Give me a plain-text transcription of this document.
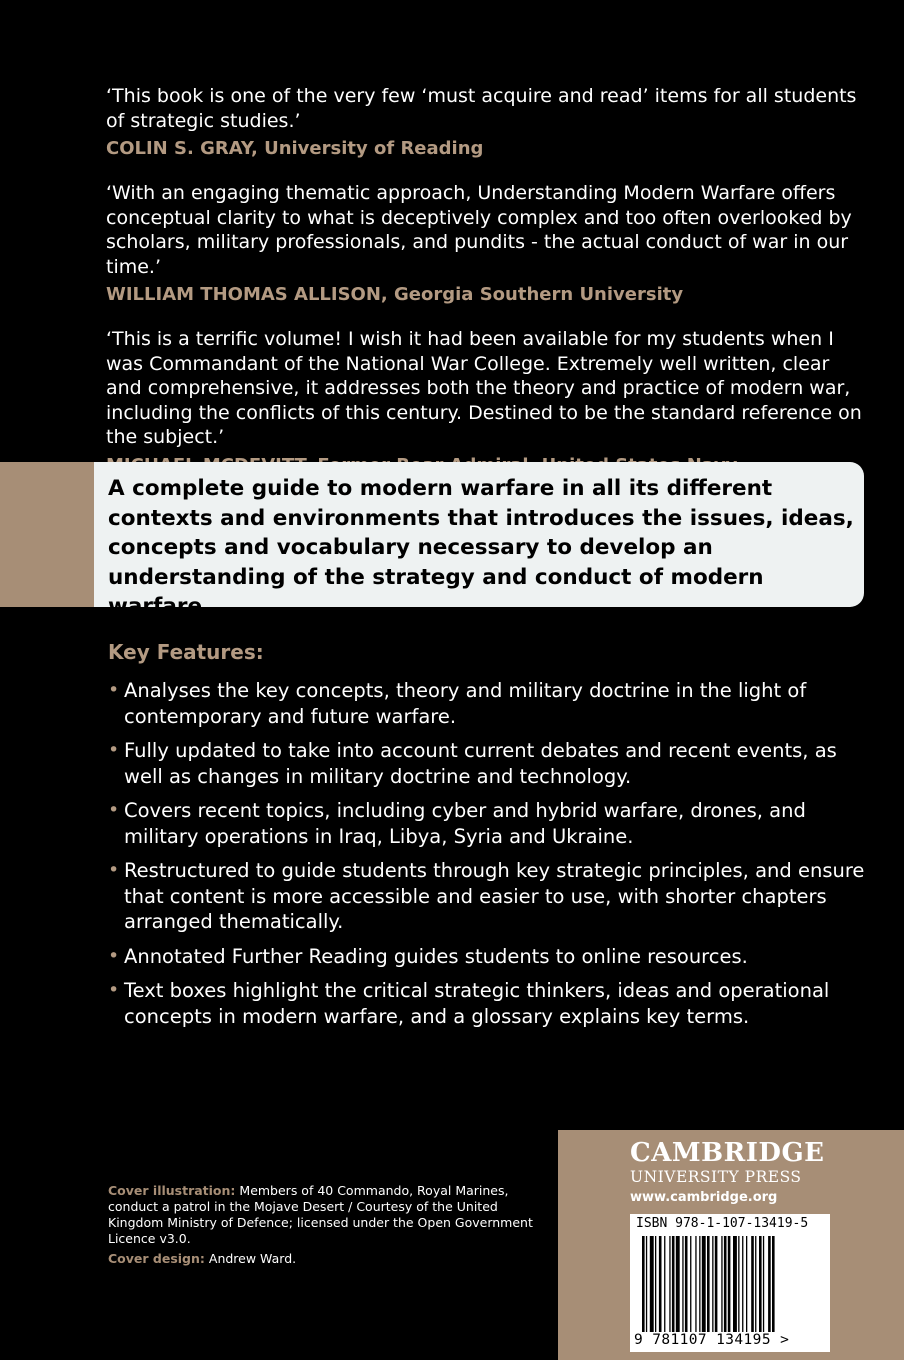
‘This book is one of the very few ‘must acquire and read’ items for all students of strategic studies.’
COLIN S. GRAY, University of Reading
‘With an engaging thematic approach, Understanding Modern Warfare offers conceptual clarity to what is deceptively complex and too often overlooked by scholars, military professionals, and pundits - the actual conduct of war in our time.’
WILLIAM THOMAS ALLISON, Georgia Southern University
‘This is a terrific volume! I wish it had been available for my students when I was Commandant of the National War College. Extremely well written, clear and comprehensive, it addresses both the theory and practice of modern war, including the conflicts of this century. Destined to be the standard reference on the subject.’
A complete guide to modern warfare in all its different contexts and environments that introduces the issues, ideas, concepts and vocabulary necessary to develop an understanding of the strategy and conduct of modern warfare.
Key Features:
• Analyses the key concepts, theory and military doctrine in the light of contemporary and future warfare.
• Fully updated to take into account current debates and recent events, as well as changes in military doctrine and technology.
• Covers recent topics, including cyber and hybrid warfare, drones, and military operations in Iraq, Libya, Syria and Ukraine.
• Restructured to guide students through key strategic principles, and ensure that content is more accessible and easier to use, with shorter chapters arranged thematically.
• Annotated Further Reading guides students to online resources.
• Text boxes highlight the critical strategic thinkers, ideas and operational concepts in modern warfare, and a glossary explains key terms.
Cover illustration: Members of 40 Commando, Royal Marines, conduct a patrol in the Mojave Desert / Courtesy of the United Kingdom Ministry of Defence; licensed under the Open Government Licence v3.0.
Cover design: Andrew Ward.
CAMBRIDGE
UNIVERSITY PRESS
www.cambridge.org
ISBN 978-1-107-13419-5
9 781107 134195 >
